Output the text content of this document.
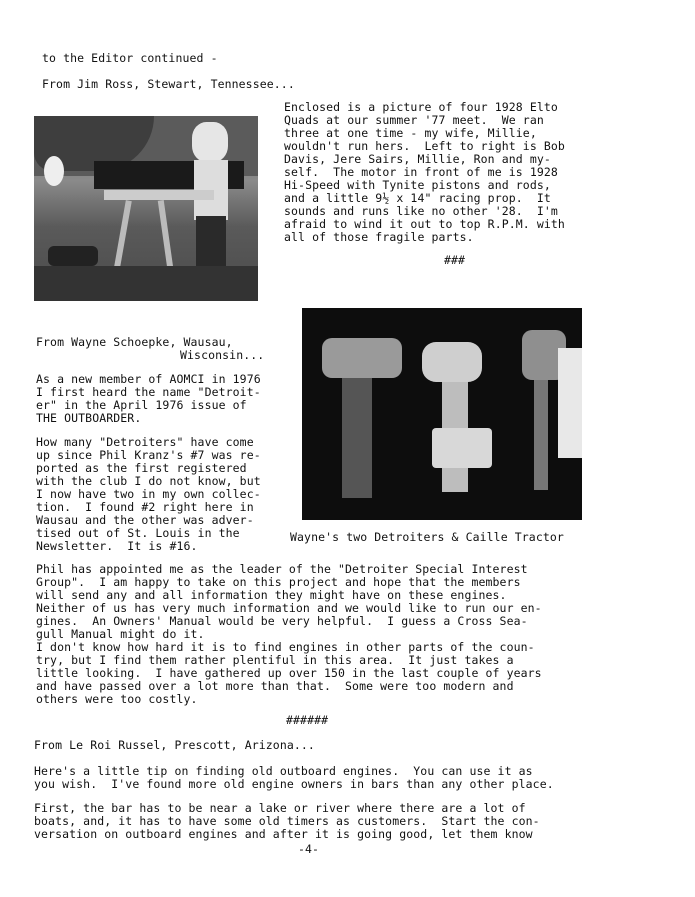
to the Editor continued -
From Jim Ross, Stewart, Tennessee...
Enclosed is a picture of four 1928 Elto
Quads at our summer '77 meet.  We ran
three at one time - my wife, Millie,
wouldn't run hers.  Left to right is Bob
Davis, Jere Sairs, Millie, Ron and my-
self.  The motor in front of me is 1928
Hi-Speed with Tynite pistons and rods,
and a little 9½ x 14" racing prop.  It
sounds and runs like no other '28.  I'm
afraid to wind it out to top R.P.M. with
all of those fragile parts.
###
From Wayne Schoepke, Wausau,
Wisconsin...
As a new member of AOMCI in 1976
I first heard the name "Detroit-
er" in the April 1976 issue of
THE OUTBOARDER.
How many "Detroiters" have come
up since Phil Kranz's #7 was re-
ported as the first registered
with the club I do not know, but
I now have two in my own collec-
tion.  I found #2 right here in
Wausau and the other was adver-
tised out of St. Louis in the
Newsletter.  It is #16.
Wayne's two Detroiters & Caille Tractor
Phil has appointed me as the leader of the "Detroiter Special Interest
Group".  I am happy to take on this project and hope that the members
will send any and all information they might have on these engines.
Neither of us has very much information and we would like to run our en-
gines.  An Owners' Manual would be very helpful.  I guess a Cross Sea-
gull Manual might do it.
I don't know how hard it is to find engines in other parts of the coun-
try, but I find them rather plentiful in this area.  It just takes a
little looking.  I have gathered up over 150 in the last couple of years
and have passed over a lot more than that.  Some were too modern and
others were too costly.
######
From Le Roi Russel, Prescott, Arizona...
Here's a little tip on finding old outboard engines.  You can use it as
you wish.  I've found more old engine owners in bars than any other place.
First, the bar has to be near a lake or river where there are a lot of
boats, and, it has to have some old timers as customers.  Start the con-
versation on outboard engines and after it is going good, let them know
-4-
